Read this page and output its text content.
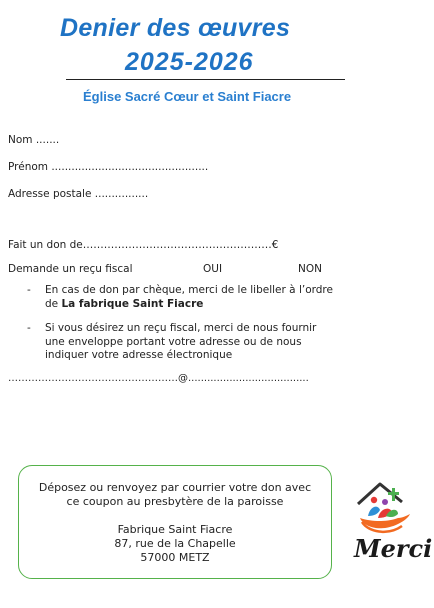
Denier des œuvres
2025-2026
Église Sacré Cœur et Saint Fiacre
Nom .......
Prénom ...............................................
Adresse postale ................
Fait un don de………………………………………………€
Demande un reçu fiscal	OUI	NON
- En cas de don par chèque, merci de le libeller à l’ordre
de La fabrique Saint Fiacre
- Si vous désirez un reçu fiscal, merci de nous fournir
une enveloppe portant votre adresse ou de nous
indiquer votre adresse électronique
……………………………………………@......................................
Déposez ou renvoyez par courrier votre don avec
ce coupon au presbytère de la paroisse
Fabrique Saint Fiacre
87, rue de la Chapelle
57000 METZ	Merci
